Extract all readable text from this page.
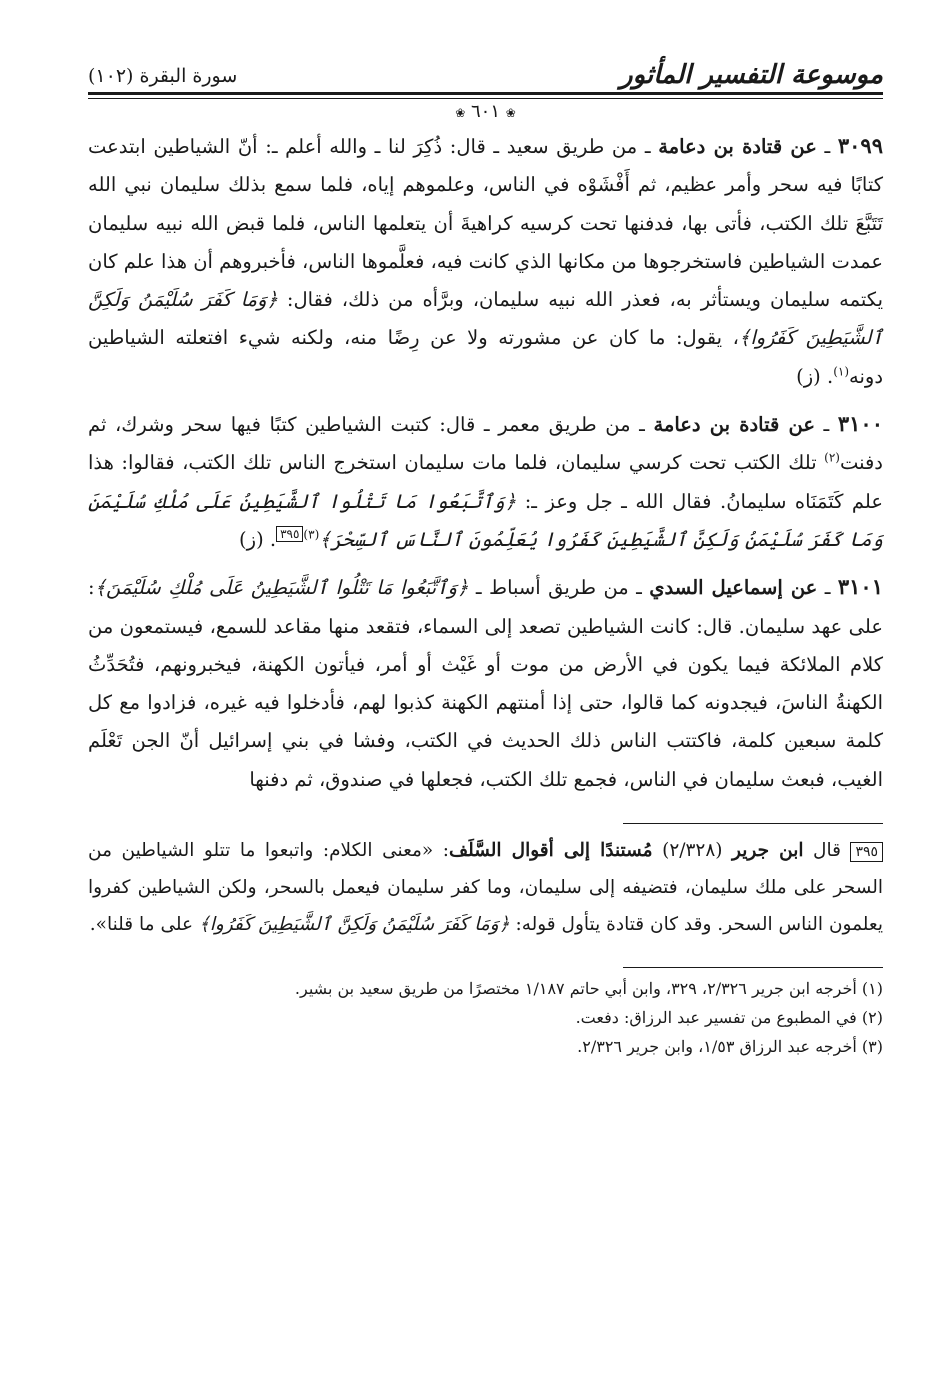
موسوعة التفسير المأثور
سورة البقرة (١٠٢)
❀ ٦٠١ ❀

٣٠٩٩ ـ عن قتادة بن دعامة ـ من طريق سعيد ـ قال: ذُكِرَ لنا ـ والله أعلم ـ: أنّ الشياطين ابتدعت كتابًا فيه سحر وأمر عظيم، ثم أَفْشَوْه في الناس، وعلموهم إياه، فلما سمع بذلك سليمان نبي الله تَتَبَّعَ تلك الكتب، فأتى بها، فدفنها تحت كرسيه كراهيةَ أن يتعلمها الناس، فلما قبض الله نبيه سليمان عمدت الشياطين فاستخرجوها من مكانها الذي كانت فيه، فعلَّموها الناس، فأخبروهم أن هذا علم كان يكتمه سليمان ويستأثر به، فعذر الله نبيه سليمان، وبرَّأه من ذلك، فقال: ﴿وَمَا كَفَرَ سُلَيْمَنُ وَلَكِنَّ ٱلشَّيَطِينَ كَفَرُوا﴾، يقول: ما كان عن مشورته ولا عن رِضًا منه، ولكنه شيء افتعلته الشياطين دونه$^{(١)}$. (ز)

٣١٠٠ ـ عن قتادة بن دعامة ـ من طريق معمر ـ قال: كتبت الشياطين كتبًا فيها سحر وشرك، ثم دفنت$^{(٢)}$ تلك الكتب تحت كرسي سليمان، فلما مات سليمان استخرج الناس تلك الكتب، فقالوا: هذا علم كَتَمَنَاه سليمانُ. فقال الله ـ جل وعز ـ: ﴿وَٱتَّبَعُوا مَا تَتْلُوا ٱلشَّيَطِينُ عَلَى مُلْكِ سُلَيْمَنَ وَمَا كَفَرَ سُلَيْمَنُ وَلَكِنَّ ٱلشَّيَطِينَ كَفَرُوا يُعَلِّمُونَ ٱلنَّاسَ ٱلسِّحْرَ﴾$^{(٣)}$٣٩٥. (ز)

٣١٠١ ـ عن إسماعيل السدي ـ من طريق أسباط ـ ﴿وَٱتَّبَعُوا مَا تَتْلُوا ٱلشَّيَطِينُ عَلَى مُلْكِ سُلَيْمَنَ﴾: على عهد سليمان. قال: كانت الشياطين تصعد إلى السماء، فتقعد منها مقاعد للسمع، فيستمعون من كلام الملائكة فيما يكون في الأرض من موت أو غَيْث أو أمر، فيأتون الكهنة، فيخبرونهم، فتُحَدِّثُ الكهنةُ الناسَ، فيجدونه كما قالوا، حتى إذا أمنتهم الكهنة كذبوا لهم، فأدخلوا فيه غيره، فزادوا مع كل كلمة سبعين كلمة، فاكتتب الناس ذلك الحديث في الكتب، وفشا في بني إسرائيل أنّ الجن تَعْلَم الغيب، فبعث سليمان في الناس، فجمع تلك الكتب، فجعلها في صندوق، ثم دفنها

٣٩٥ قال ابن جرير (٢/٣٢٨) مُستندًا إلى أقوال السَّلَف: «معنى الكلام: واتبعوا ما تتلو الشياطين من السحر على ملك سليمان، فتضيفه إلى سليمان، وما كفر سليمان فيعمل بالسحر، ولكن الشياطين كفروا يعلمون الناس السحر. وقد كان قتادة يتأول قوله: ﴿وَمَا كَفَرَ سُلَيْمَنُ وَلَكِنَّ ٱلشَّيَطِينَ كَفَرُوا﴾ على ما قلنا».

(١) أخرجه ابن جرير ٢/٣٢٦، ٣٢٩، وابن أبي حاتم ١/١٨٧ مختصرًا من طريق سعيد بن بشير.

(٢) في المطبوع من تفسير عبد الرزاق: دفعت.

(٣) أخرجه عبد الرزاق ١/٥٣، وابن جرير ٢/٣٢٦.
